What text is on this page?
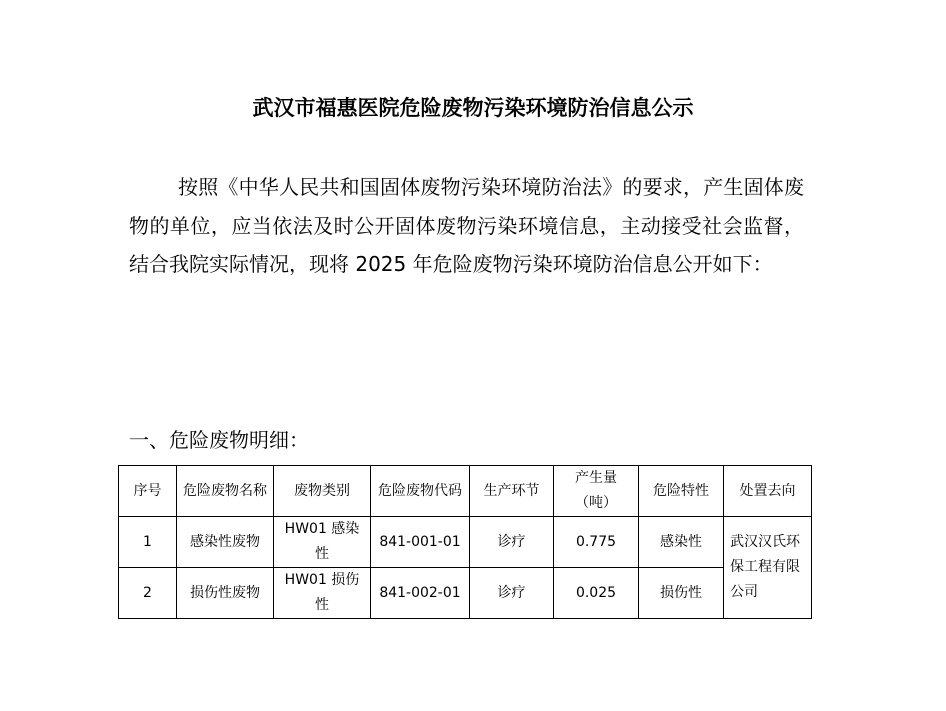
武汉市福惠医院危险废物污染环境防治信息公示

按照《中华人民共和国固体废物污染环境防治法》的要求，产生固体废物的单位，应当依法及时公开固体废物污染环境信息，主动接受社会监督，结合我院实际情况，现将 2025 年危险废物污染环境防治信息公开如下：

一、危险废物明细：
序号	危险废物名称	废物类别	危险废物代码	生产环节	产生量（吨）	危险特性	处置去向
1	感染性废物	HW01 感染性	841-001-01	诊疗	0.775	感染性	武汉汉氏环保工程有限公司
2	损伤性废物	HW01 损伤性	841-002-01	诊疗	0.025	损伤性	
